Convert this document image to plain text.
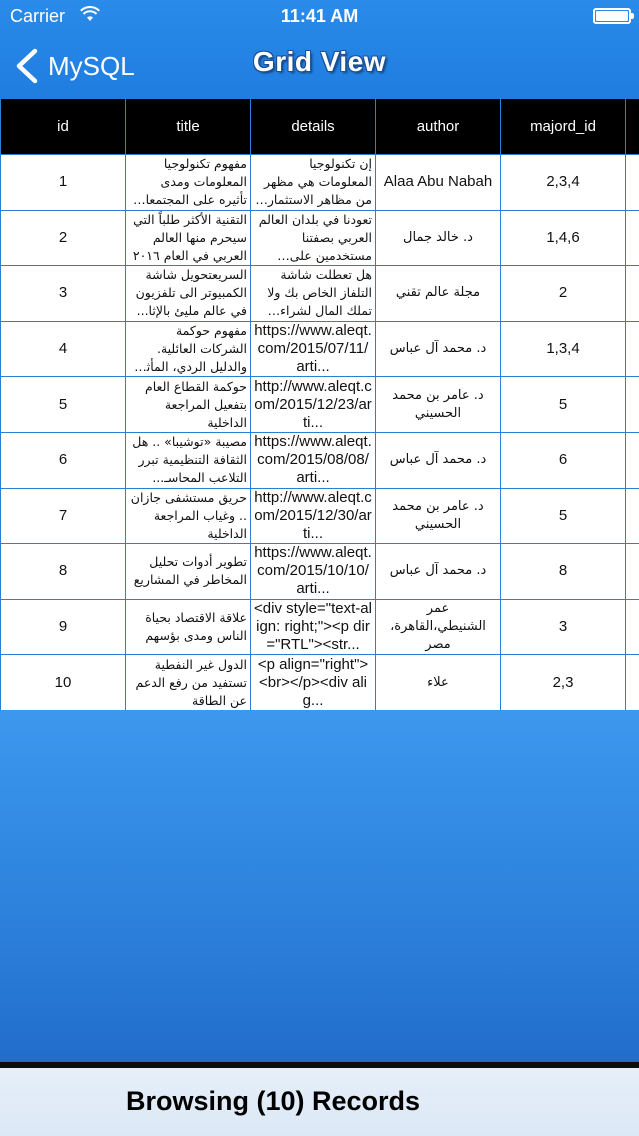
Carrier	11:41 AM
MySQL	Grid View
id	title	details	author	majord_id	

1	مفهوم تكنولوجيا المعلومات ومدى تأثيره على المجتمعات	إن تكنولوجيا المعلومات هي مظهر من مظاهر الاستثمار	Alaa Abu Nabah	2,3,4	

2	التقنية الأكثر طلباً التي سيحرم منها العالم العربي في العام ٢٠١٦	تعودنا في بلدان العالم العربي بصفتنا مستخدمين على	د. خالد جمال	1,4,6	

3	السريعتحويل شاشة الكمبيوتر الى تلفزيون في عالم مليئ بالإثا...	هل تعطلت شاشة التلفاز الخاص بك ولا تملك المال لشراء	مجلة عالم تقني	2	

4	مفهوم حوكمة الشركات العائلية. والدليل الردي، المأثر	https://www.aleqt.com/2015/07/11/arti...	د. محمد آل عباس	1,3,4	

5	حوكمة القطاع العام بتفعيل المراجعة الداخلية	http://www.aleqt.com/2015/12/23/arti...	د. عامر بن محمد الحسيني	5	

6	مصيبة «توشيبا» .. هل الثقافة التنظيمية تبرر التلاعب المحاسـ...	https://www.aleqt.com/2015/08/08/arti...	د. محمد آل عباس	6	

7	حريق مستشفى جازان .. وغياب المراجعة الداخلية	http://www.aleqt.com/2015/12/30/arti...	د. عامر بن محمد الحسيني	5	

8	تطوير أدوات تحليل المخاطر في المشاريع	https://www.aleqt.com/2015/10/10/arti...	د. محمد آل عباس	8	

9	علاقة الاقتصاد بحياة الناس ومدى بؤسهم	<div style="text-align: right;"><p dir="RTL"><str...	عمر الشنيطي،القاهرة، مصر	3	

10	الدول غير النفطية تستفيد من رفع الدعم عن الطاقة	<p align="right"><br></p><div alig...	علاء	2,3	

Browsing (10) Records
